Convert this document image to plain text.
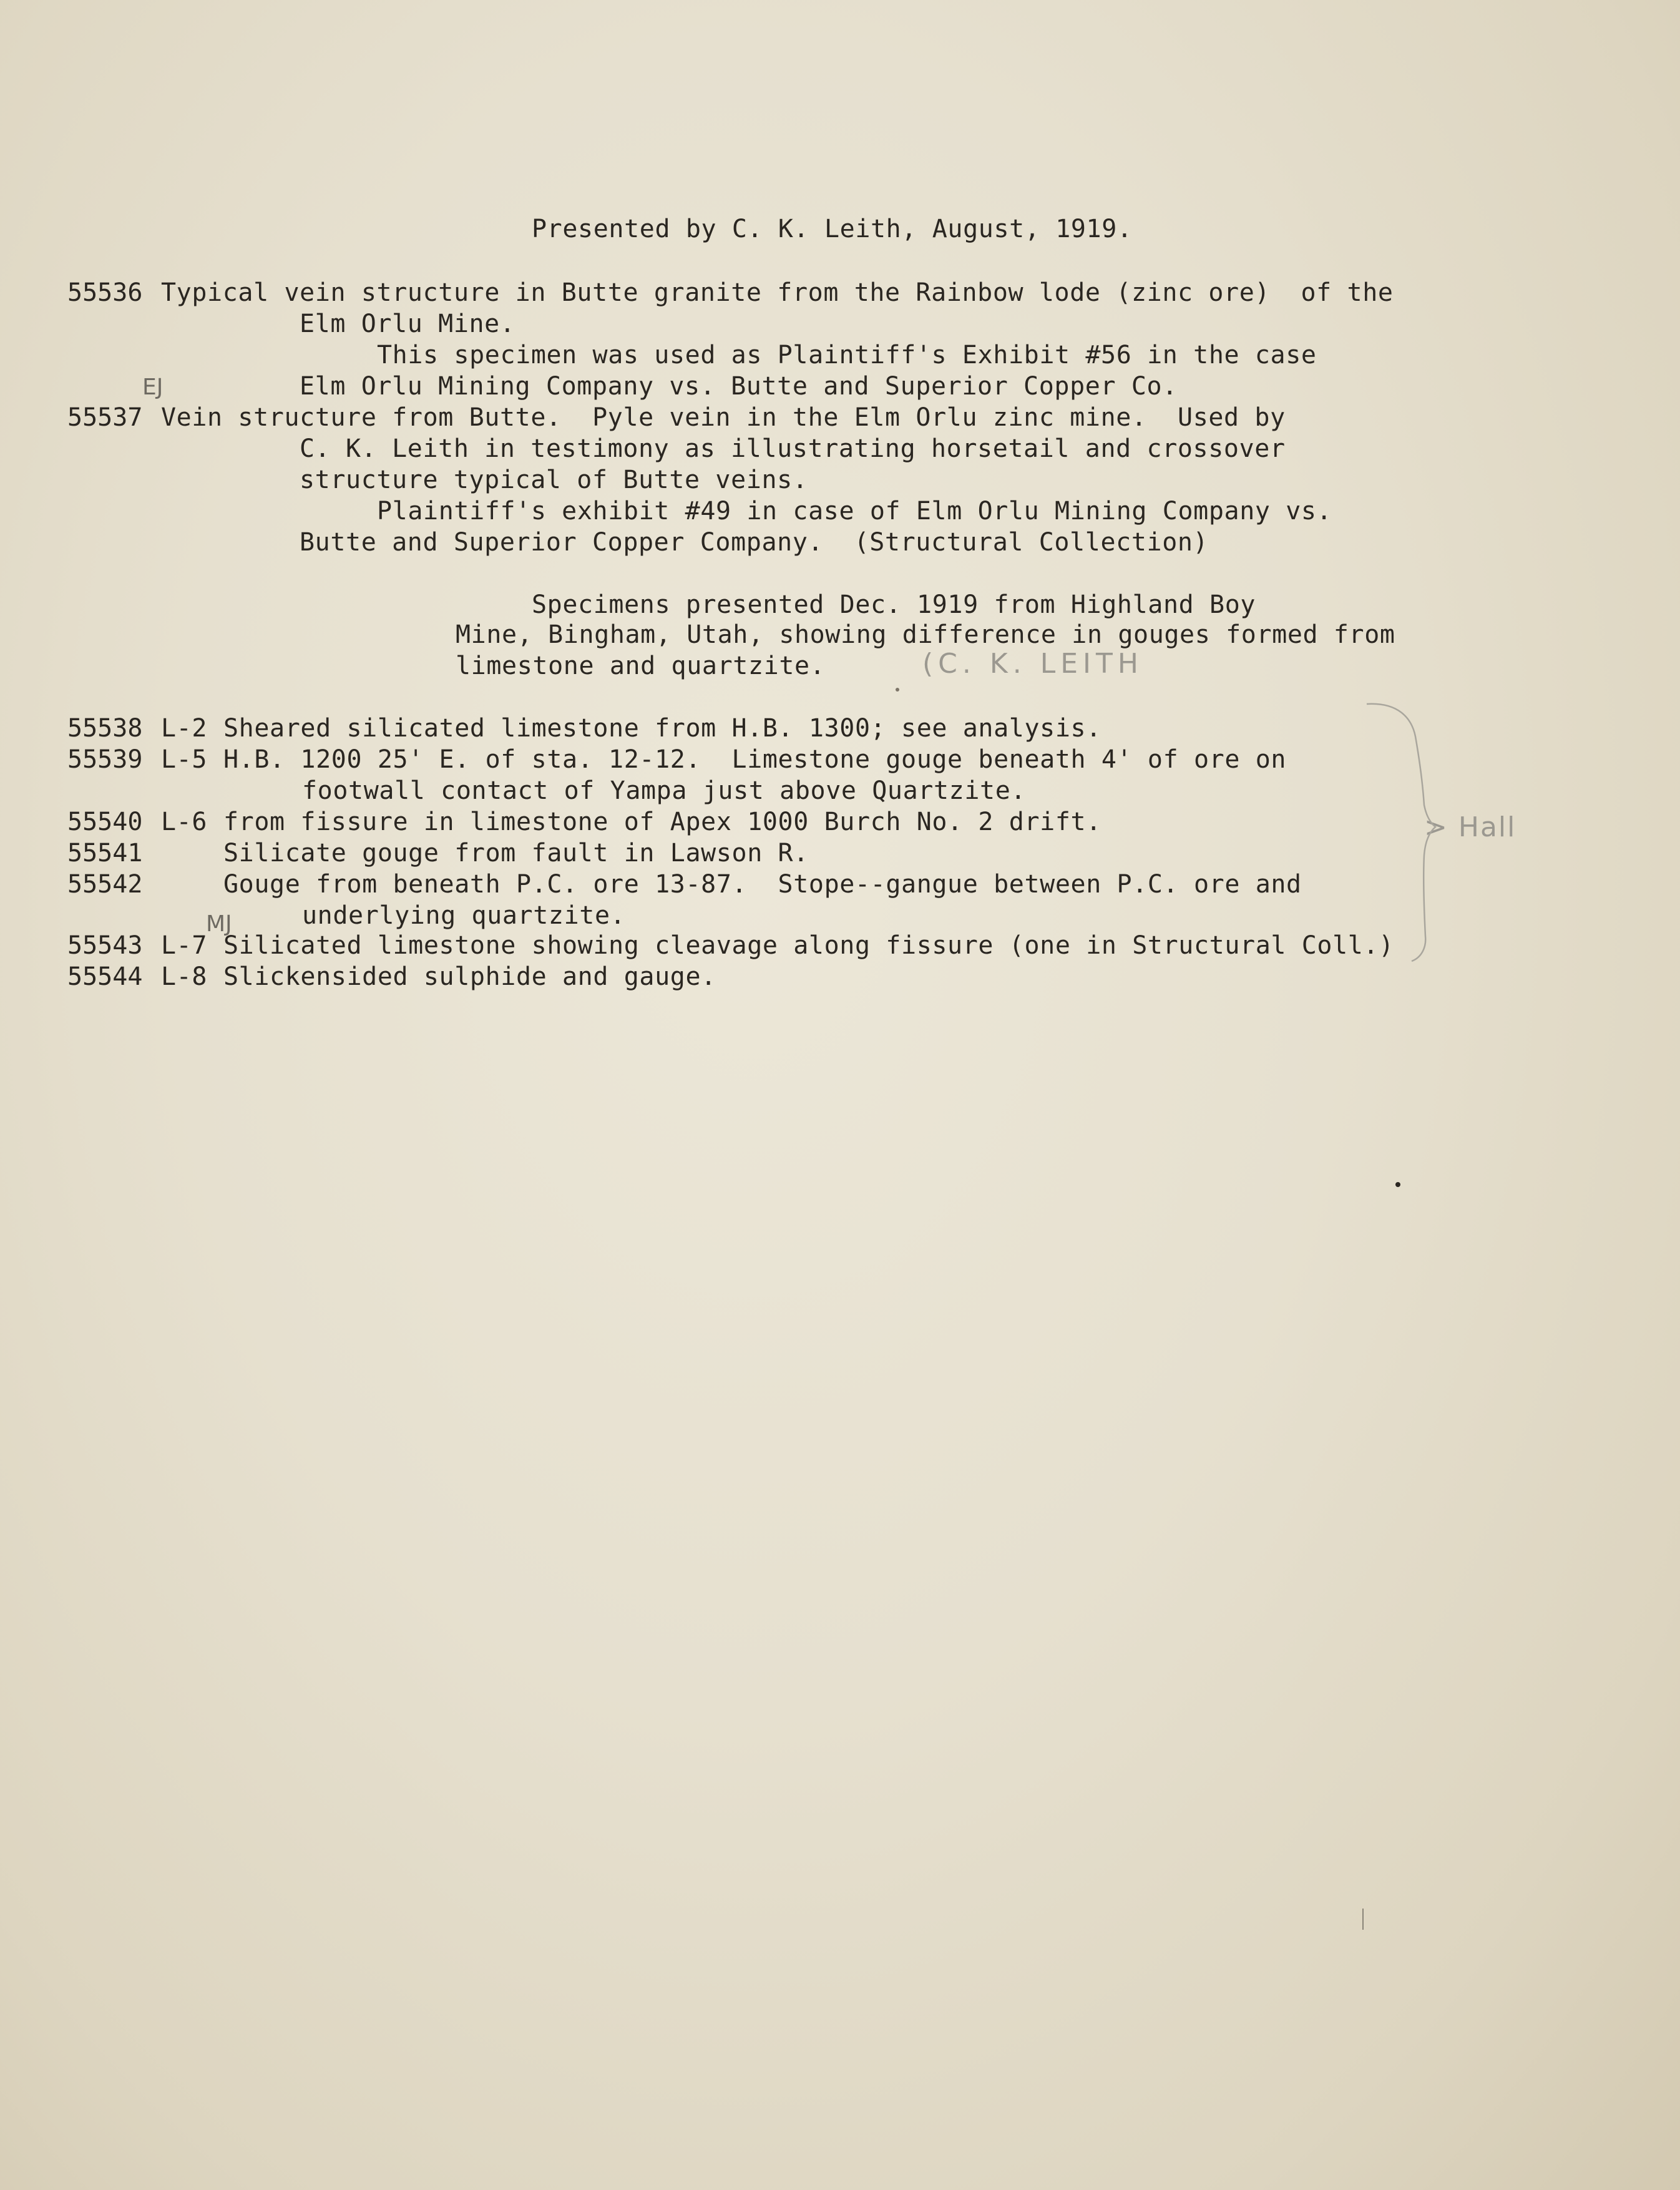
Presented by C. K. Leith, August, 1919.
55536 Typical vein structure in Butte granite from the Rainbow lode (zinc ore)  of the
Elm Orlu Mine.
This specimen was used as Plaintiff's Exhibit #56 in the case
Elm Orlu Mining Company vs. Butte and Superior Copper Co.
55537 Vein structure from Butte.  Pyle vein in the Elm Orlu zinc mine.  Used by
C. K. Leith in testimony as illustrating horsetail and crossover
structure typical of Butte veins.
Plaintiff's exhibit #49 in case of Elm Orlu Mining Company vs.
Butte and Superior Copper Company.  (Structural Collection)
Specimens presented Dec. 1919 from Highland Boy
Mine, Bingham, Utah, showing difference in gouges formed from
limestone and quartzite.	(C. K. LEITH
55538 L-2 Sheared silicated limestone from H.B. 1300; see analysis.
55539 L-5 H.B. 1200 25' E. of sta. 12-12.  Limestone gouge beneath 4' of ore on
footwall contact of Yampa just above Quartzite.
55540 L-6 from fissure in limestone of Apex 1000 Burch No. 2 drift.
55541	Silicate gouge from fault in Lawson R.
55542	Gouge from beneath P.C. ore 13-87.  Stope--gangue between P.C. ore and
underlying quartzite.
55543 L-7 Silicated limestone showing cleavage along fissure (one in Structural Coll.)
55544 L-8 Slickensided sulphide and gauge.
EJ
MJ
> Hall
